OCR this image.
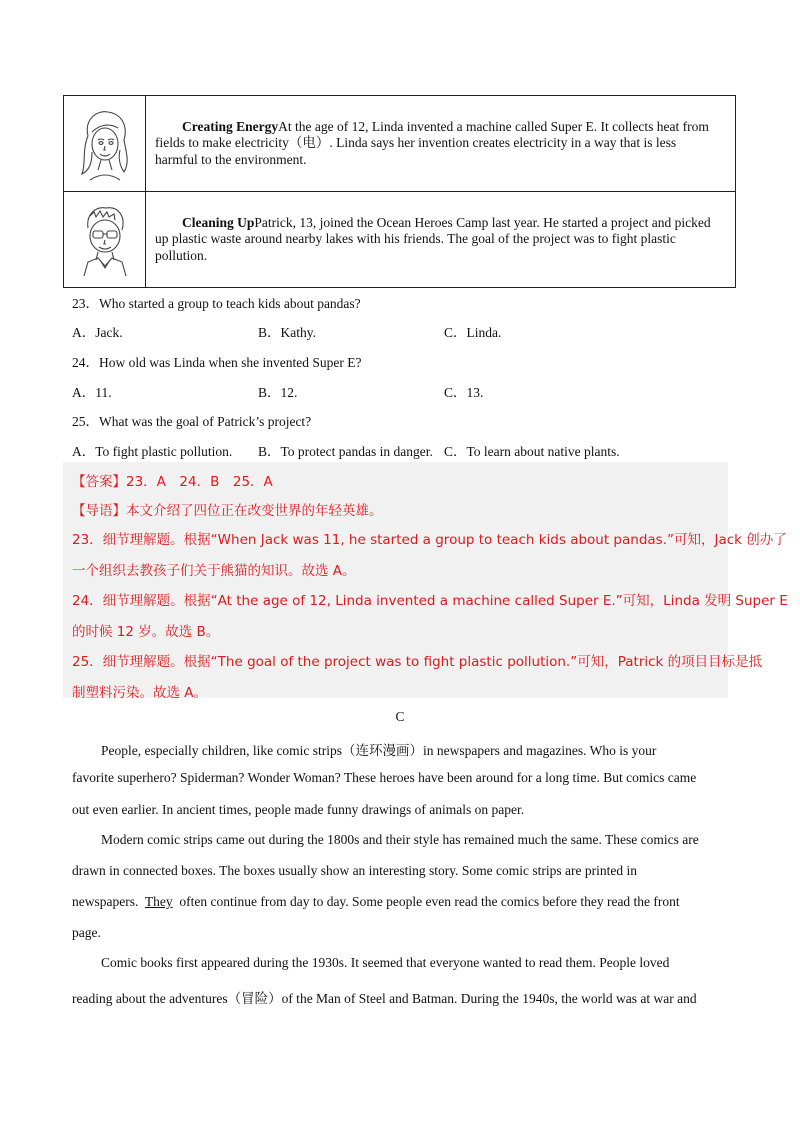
Creating EnergyAt the age of 12, Linda invented a machine called Super E. It collects heat from fields to make electricity（电）. Linda says her invention creates electricity in a way that is less harmful to the environment.

Cleaning UpPatrick, 13, joined the Ocean Heroes Camp last year. He started a project and picked up plastic waste around nearby lakes with his friends. The goal of the project was to fight plastic pollution.

23．Who started a group to teach kids about pandas?
A．Jack.	B．Kathy.	C．Linda.
24．How old was Linda when she invented Super E?
A．11.	B．12.	C．13.
25．What was the goal of Patrick’s project?
A．To fight plastic pollution. B．To protect pandas in danger. C．To learn about native plants.
【答案】23．A　24．B　25．A
【导语】本文介绍了四位正在改变世界的年轻英雄。
23．细节理解题。根据“When Jack was 11, he started a group to teach kids about pandas.”可知，Jack 创办了
一个组织去教孩子们关于熊猫的知识。故选 A。
24．细节理解题。根据“At the age of 12, Linda invented a machine called Super E.”可知，Linda 发明 Super E
的时候 12 岁。故选 B。
25．细节理解题。根据“The goal of the project was to fight plastic pollution.”可知，Patrick 的项目目标是抵
制塑料污染。故选 A。
C
People, especially children, like comic strips（连环漫画）in newspapers and magazines. Who is your
favorite superhero? Spiderman? Wonder Woman? These heroes have been around for a long time. But comics came
out even earlier. In ancient times, people made funny drawings of animals on paper.
Modern comic strips came out during the 1800s and their style has remained much the same. These comics are
drawn in connected boxes. The boxes usually show an interesting story. Some comic strips are printed in
newspapers.  They  often continue from day to day. Some people even read the comics before they read the front
page.
Comic books first appeared during the 1930s. It seemed that everyone wanted to read them. People loved
reading about the adventures（冒险）of the Man of Steel and Batman. During the 1940s, the world was at war and
